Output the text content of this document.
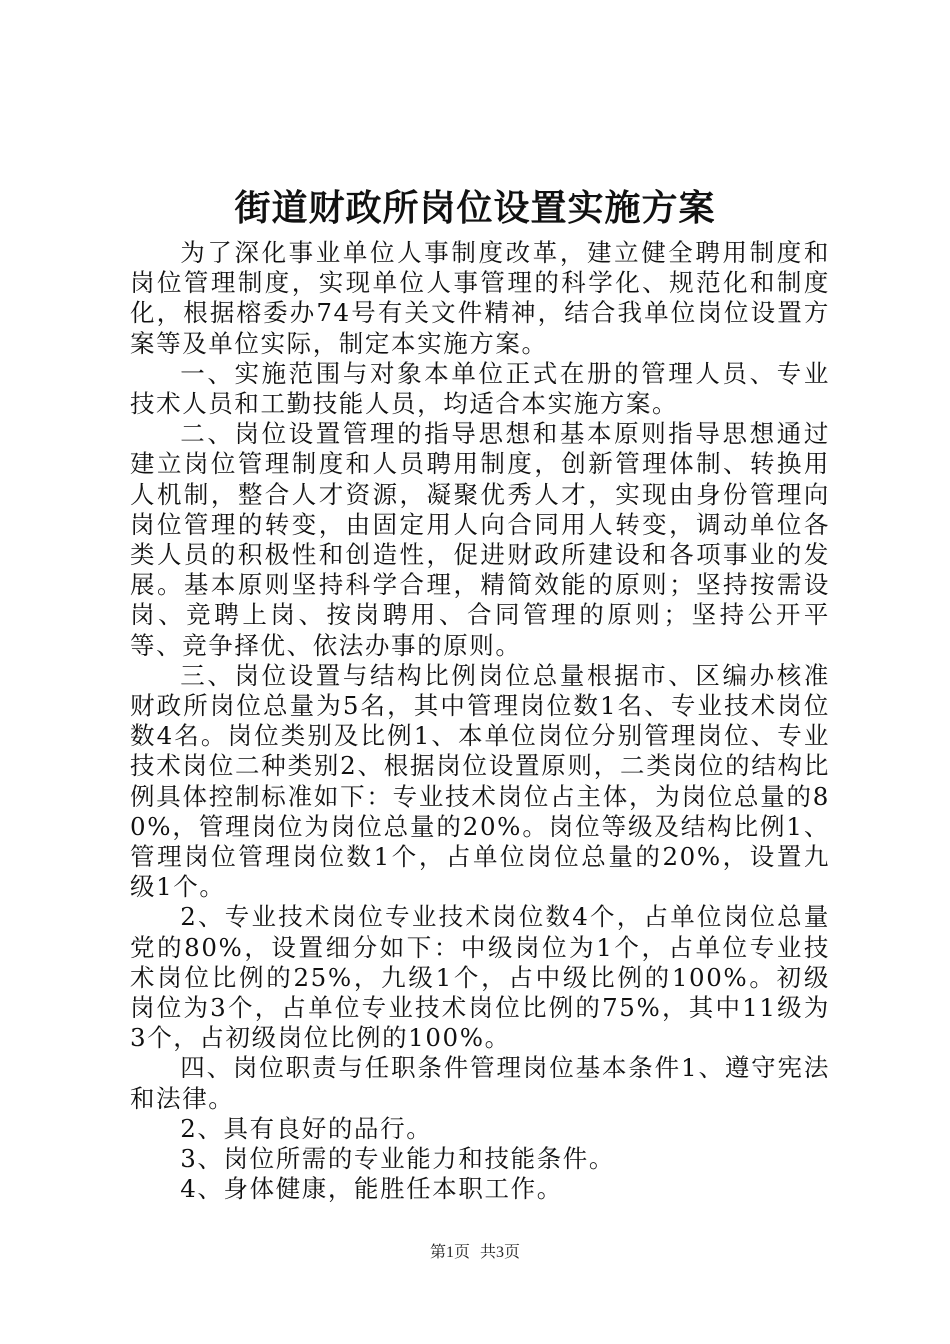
街道财政所岗位设置实施方案

为了深化事业单位人事制度改革，建立健全聘用制度和岗位管理制度，实现单位人事管理的科学化、规范化和制度化，根据榕委办74号有关文件精神，结合我单位岗位设置方案等及单位实际，制定本实施方案。

一、实施范围与对象本单位正式在册的管理人员、专业技术人员和工勤技能人员，均适合本实施方案。

二、岗位设置管理的指导思想和基本原则指导思想通过建立岗位管理制度和人员聘用制度，创新管理体制、转换用人机制，整合人才资源，凝聚优秀人才，实现由身份管理向岗位管理的转变，由固定用人向合同用人转变，调动单位各类人员的积极性和创造性，促进财政所建设和各项事业的发展。基本原则坚持科学合理，精简效能的原则；坚持按需设岗、竞聘上岗、按岗聘用、合同管理的原则；坚持公开平等、竞争择优、依法办事的原则。

三、岗位设置与结构比例岗位总量根据市、区编办核准财政所岗位总量为5名，其中管理岗位数1名、专业技术岗位数4名。岗位类别及比例1、本单位岗位分别管理岗位、专业技术岗位二种类别2、根据岗位设置原则，二类岗位的结构比例具体控制标准如下：专业技术岗位占主体，为岗位总量的80%，管理岗位为岗位总量的20%。岗位等级及结构比例1、管理岗位管理岗位数1个，占单位岗位总量的20%，设置九级1个。

2、专业技术岗位专业技术岗位数4个，占单位岗位总量党的80%，设置细分如下：中级岗位为1个，占单位专业技术岗位比例的25%，九级1个，占中级比例的100%。初级岗位为3个，占单位专业技术岗位比例的75%，其中11级为3个，占初级岗位比例的100%。

四、岗位职责与任职条件管理岗位基本条件1、遵守宪法和法律。

2、具有良好的品行。

3、岗位所需的专业能力和技能条件。

4、身体健康，能胜任本职工作。

第1页 共3页
